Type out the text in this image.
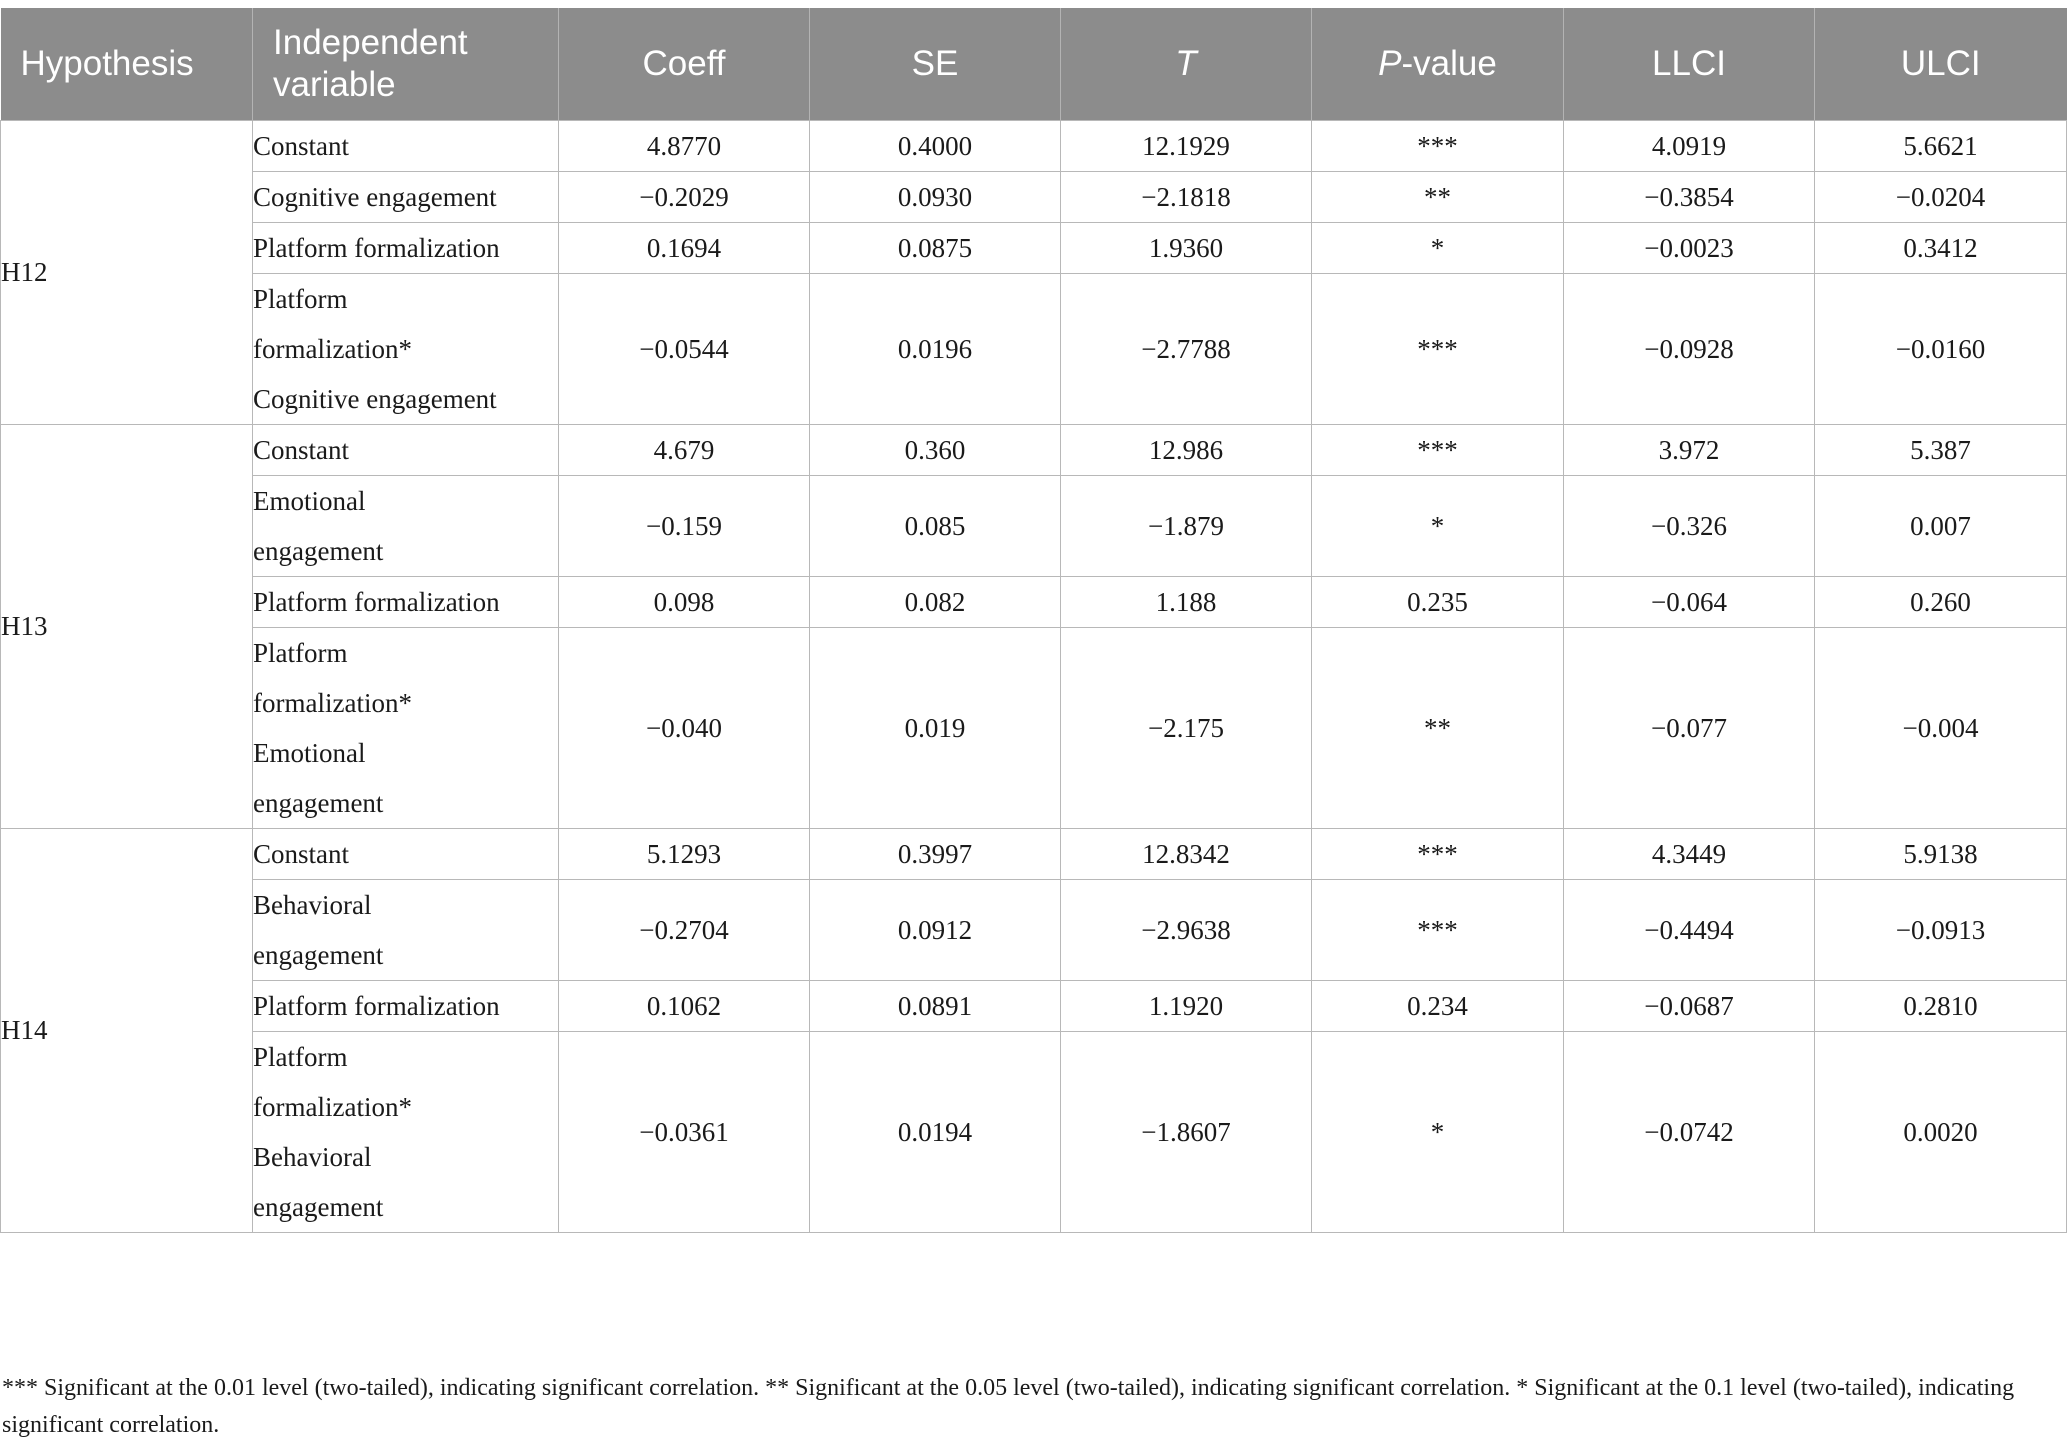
Hypothesis	Independent variable	Coeff	SE	T	P-value	LLCI	ULCI
H12	Constant	4.8770	0.4000	12.1929	***	4.0919	5.6621

	Cognitive engagement	−0.2029	0.0930	−2.1818	**	−0.3854	−0.0204

	Platform formalization	0.1694	0.0875	1.9360	*	−0.0023	0.3412

	Platform
formalization*
Cognitive engagement	−0.0544	0.0196	−2.7788	***	−0.0928	−0.0160
H13	Constant	4.679	0.360	12.986	***	3.972	5.387

	Emotional
engagement	−0.159	0.085	−1.879	*	−0.326	0.007

	Platform formalization	0.098	0.082	1.188	0.235	−0.064	0.260

	Platform
formalization*
Emotional
engagement	−0.040	0.019	−2.175	**	−0.077	−0.004
H14	Constant	5.1293	0.3997	12.8342	***	4.3449	5.9138

	Behavioral
engagement	−0.2704	0.0912	−2.9638	***	−0.4494	−0.0913

	Platform formalization	0.1062	0.0891	1.1920	0.234	−0.0687	0.2810

	Platform
formalization*
Behavioral
engagement	−0.0361	0.0194	−1.8607	*	−0.0742	0.0020

*** Significant at the 0.01 level (two-tailed), indicating significant correlation. ** Significant at the 0.05 level (two-tailed), indicating significant correlation. * Significant at the 0.1 level (two-tailed), indicating significant correlation.
